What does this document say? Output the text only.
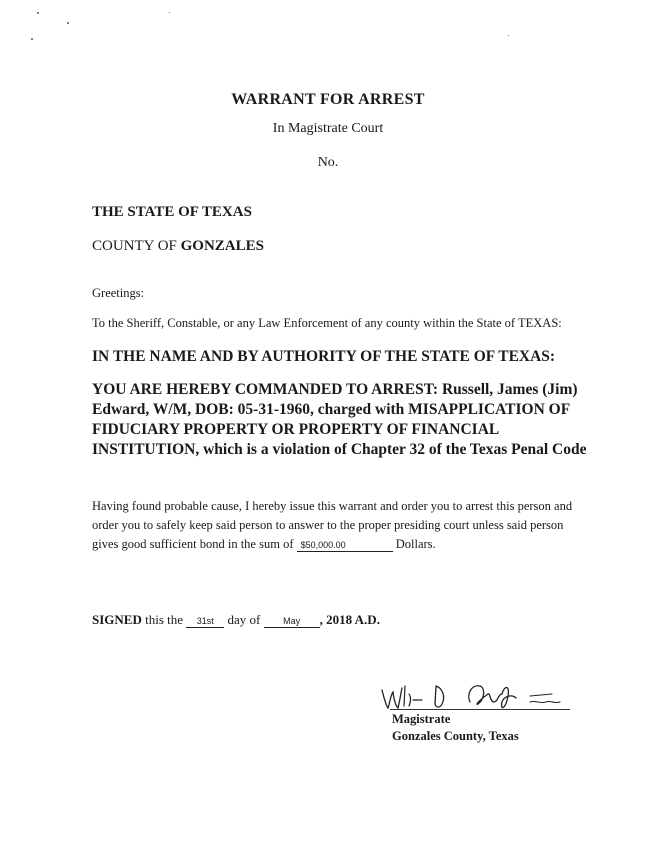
WARRANT FOR ARREST
In Magistrate Court
No.
THE STATE OF TEXAS
COUNTY OF GONZALES
Greetings:
To the Sheriff, Constable, or any Law Enforcement of any county within the State of TEXAS:
IN THE NAME AND BY AUTHORITY OF THE STATE OF TEXAS:
YOU ARE HEREBY COMMANDED TO ARREST: Russell, James (Jim) Edward, W/M, DOB: 05-31-1960, charged with MISAPPLICATION OF FIDUCIARY PROPERTY OR PROPERTY OF FINANCIAL INSTITUTION, which is a violation of Chapter 32 of the Texas Penal Code
Having found probable cause, I hereby issue this warrant and order you to arrest this person and order you to safely keep said person to answer to the proper presiding court unless said person gives good sufficient bond in the sum of $50,000.00	Dollars.
SIGNED this the 31st day of	May , 2018 A.D.
Magistrate
Gonzales County, Texas
